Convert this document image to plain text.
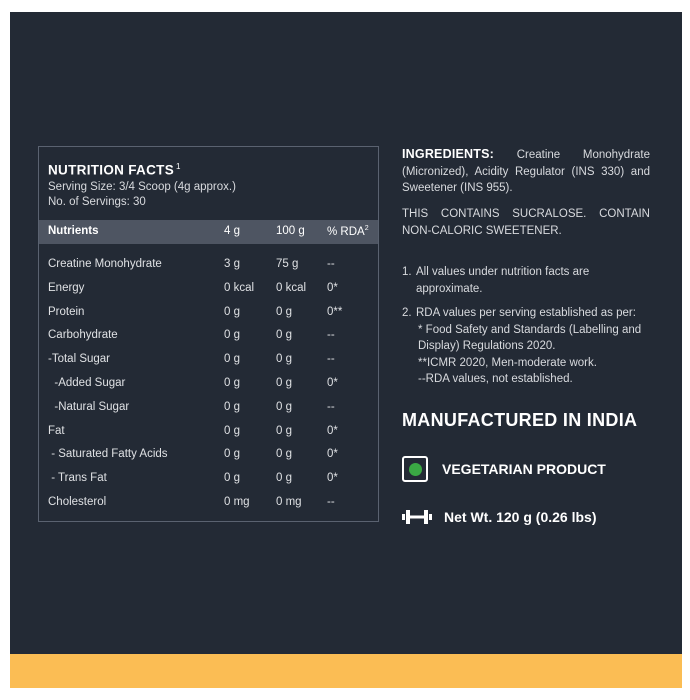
NUTRITION FACTS $^1$
Serving Size: 3/4 Scoop (4g approx.)
No. of Servings: 30
Nutrients	4 g	100 g % RDA$^2$
Creatine Monohydrate	3 g	75 g --
Energy	0 kcal 0 kcal 0*
Protein	0 g	0 g	0**
Carbohydrate	0 g	0 g	--
-Total Sugar	0 g	0 g	--
-Added Sugar	0 g	0 g	0*
-Natural Sugar	0 g	0 g	--
Fat	0 g	0 g	0*
- Saturated Fatty Acids	0 g	0 g	0*
- Trans Fat	0 g	0 g	0*
Cholesterol	0 mg 0 mg --
INGREDIENTS: Creatine Monohydrate (Micronized), Acidity Regulator (INS 330) and Sweetener (INS 955).
THIS CONTAINS SUCRALOSE. CONTAIN NON-CALORIC SWEETENER.
1. All values under nutrition facts are approximate.
2. RDA values per serving established as per:
* Food Safety and Standards (Labelling and Display) Regulations 2020.
**ICMR 2020, Men-moderate work.
--RDA values, not established.
MANUFACTURED IN INDIA
VEGETARIAN PRODUCT
Net Wt. 120 g (0.26 lbs)
